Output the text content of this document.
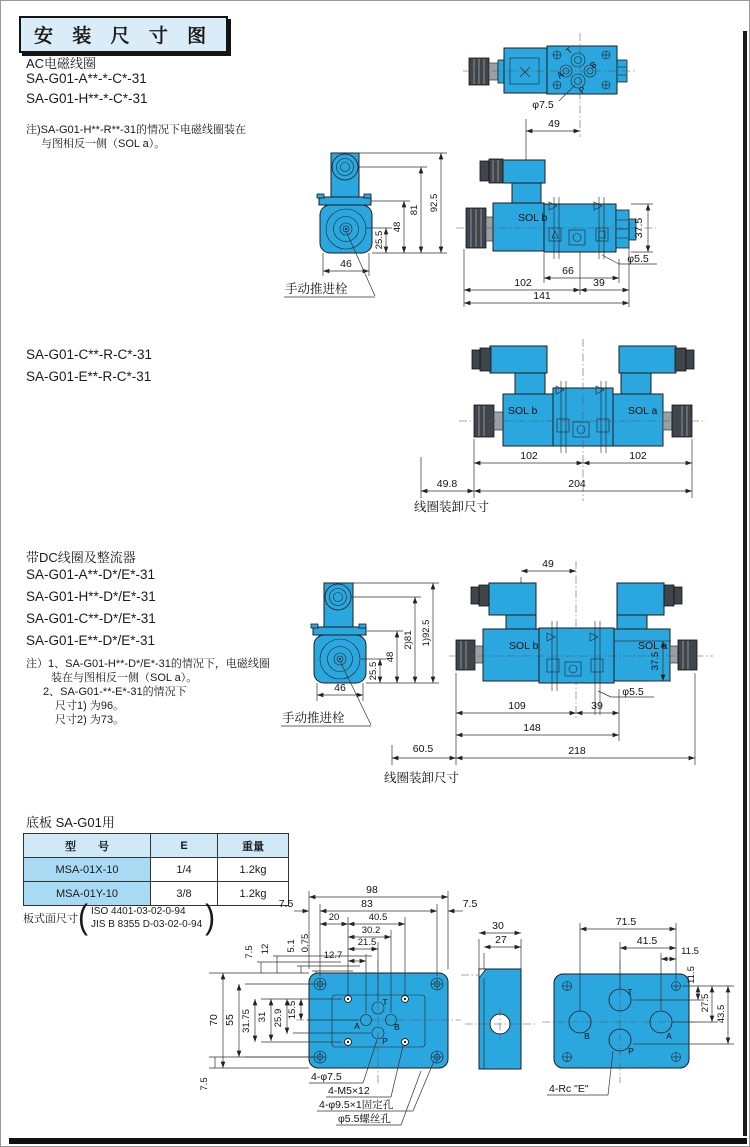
安 装 尺 寸 图
AC电磁线圈
SA-G01-A**-*-C*-31
SA-G01-H**-*-C*-31
注)SA-G01-H**-R**-31的情况下电磁线圈装在
与图相反一侧（SOL a）。
SA-G01-C**-R-C*-31
SA-G01-E**-R-C*-31
带DC线圈及整流器
SA-G01-A**-D*/E*-31
SA-G01-H**-D*/E*-31
SA-G01-C**-D*/E*-31
SA-G01-E**-D*/E*-31
注）1、SA-G01-H**-D*/E*-31的情况下，电磁线圈
装在与图相反一侧（SOL a）。
2、SA-G01-**-E*-31的情况下
尺寸1) 为96。
尺寸2) 为73。
底板 SA-G01用
型　　号	E	重量
MSA-01X-10	1/4	1.2kg
MSA-01Y-10	3/8	1.2kg
板式面尺寸 ( ISO 4401-03-02-0-94
JIS B 8355 D-03-02-0-94 )
T
B
A
P
φ7.5
49
SOL b	37.5
φ5.5
66
102	39
141
46
25.5
48
81 92.5
手动推进栓
SOL b	SOL a
102	102
204
49.8
线圈装卸尺寸
46
25.5
48
2)81 1)92.5
手动推进栓
49
SOL b	SOL a
37.5
φ5.5
109	39
148
218
60.5
线圈装卸尺寸
T
A	B
P
98
83
7.5	7.5
20	40.5
30.2
21.5
12.7
7.5 12 5.1 0.75
70 55 31.75 31 25.9 15.5
7.5
4-φ7.5
4-M5×12
4-φ9.5×1固定孔
φ5.5螺丝孔
30
27
T
B	A
P
71.5
41.5
11.5
11.5
27.5
43.5
4-Rc "E"
